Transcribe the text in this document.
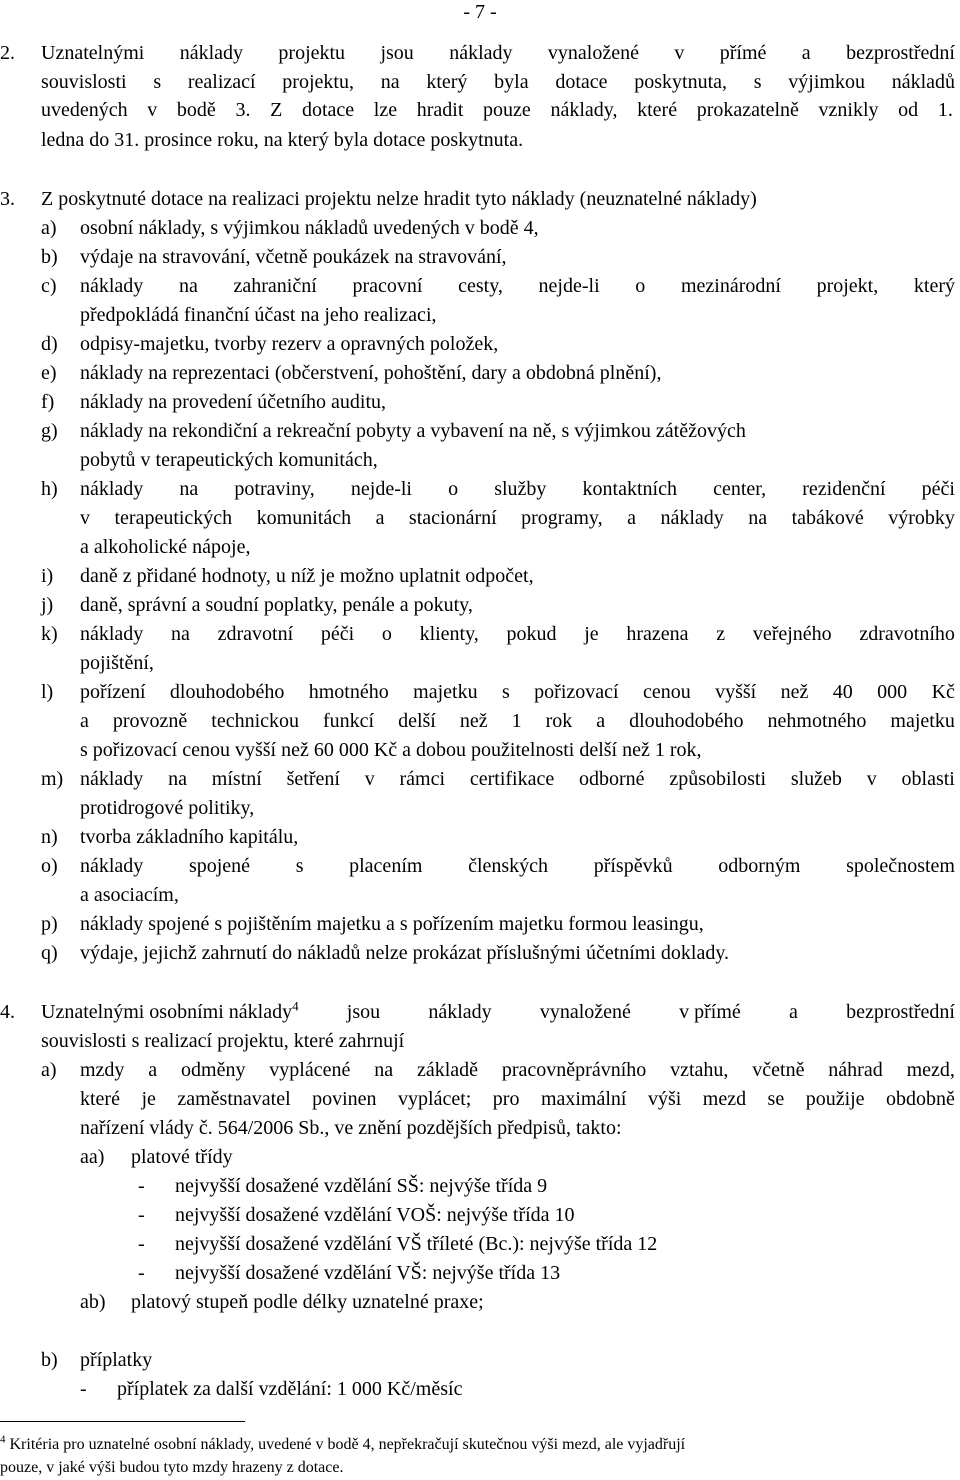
- 7 -
2. Uznatelnými náklady projektu jsou náklady vynaložené v přímé a bezprostřední
souvislosti s realizací projektu, na který byla dotace poskytnuta, s výjimkou nákladů
uvedených v bodě 3. Z dotace lze hradit pouze náklady, které prokazatelně vznikly od 1.
ledna do 31. prosince roku, na který byla dotace poskytnuta.
3. Z poskytnuté dotace na realizaci projektu nelze hradit tyto náklady (neuznatelné náklady)
a) osobní náklady, s výjimkou nákladů uvedených v bodě 4,
b) výdaje na stravování, včetně poukázek na stravování,
c) náklady na zahraniční pracovní cesty, nejde-li o mezinárodní projekt, který
předpokládá finanční účast na jeho realizaci,
d) odpisy-majetku, tvorby rezerv a opravných položek,
e) náklady na reprezentaci (občerstvení, pohoštění, dary a obdobná plnění),
f) náklady na provedení účetního auditu,
g) náklady na rekondiční a rekreační pobyty a vybavení na ně, s výjimkou zátěžových
pobytů v terapeutických komunitách,
h) náklady na potraviny, nejde-li o služby kontaktních center, rezidenční péči
v terapeutických komunitách a stacionární programy, a náklady na tabákové výrobky
a alkoholické nápoje,
i) daně z přidané hodnoty, u níž je možno uplatnit odpočet,
j) daně, správní a soudní poplatky, penále a pokuty,
k) náklady na zdravotní péči o klienty, pokud je hrazena z veřejného zdravotního
pojištění,
l) pořízení dlouhodobého hmotného majetku s pořizovací cenou vyšší než 40 000 Kč
a provozně technickou funkcí delší než 1 rok a dlouhodobého nehmotného majetku
s pořizovací cenou vyšší než 60 000 Kč a dobou použitelnosti delší než 1 rok,
m) náklady na místní šetření v rámci certifikace odborné způsobilosti služeb v oblasti
protidrogové politiky,
n) tvorba základního kapitálu,
o) náklady spojené s placením členských příspěvků odborným společnostem
a asociacím,
p) náklady spojené s pojištěním majetku a s pořízením majetku formou leasingu,
q) výdaje, jejichž zahrnutí do nákladů nelze prokázat příslušnými účetními doklady.
4. Uznatelnými osobními náklady$^4$ jsou náklady vynaložené v přímé a bezprostřední
souvislosti s realizací projektu, které zahrnují
a) mzdy a odměny vyplácené na základě pracovněprávního vztahu, včetně náhrad mezd,
které je zaměstnavatel povinen vyplácet; pro maximální výši mezd se použije obdobně
nařízení vlády č. 564/2006 Sb., ve znění pozdějších předpisů, takto:
aa) platové třídy
- nejvyšší dosažené vzdělání SŠ: nejvýše třída 9
- nejvyšší dosažené vzdělání VOŠ: nejvýše třída 10
- nejvyšší dosažené vzdělání VŠ tříleté (Bc.): nejvýše třída 12
- nejvyšší dosažené vzdělání VŠ: nejvýše třída 13
ab) platový stupeň podle délky uznatelné praxe;
b) příplatky
- příplatek za další vzdělání: 1 000 Kč/měsíc
$^4$ Kritéria pro uznatelné osobní náklady, uvedené v bodě 4, nepřekračují skutečnou výši mezd, ale vyjadřují
pouze, v jaké výši budou tyto mzdy hrazeny z dotace.
